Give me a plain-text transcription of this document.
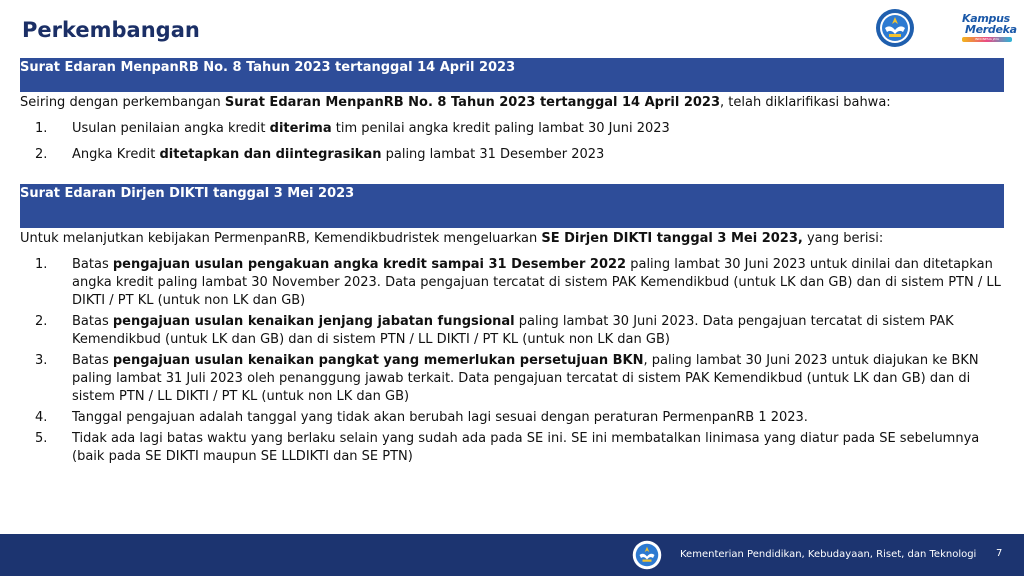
Perkembangan	Kampus
Merdeka
INDONESIA JAYA
Surat Edaran MenpanRB No. 8 Tahun 2023 tertanggal 14 April 2023
Seiring dengan perkembangan Surat Edaran MenpanRB No. 8 Tahun 2023 tertanggal 14 April 2023, telah diklarifikasi bahwa:
1. Usulan penilaian angka kredit diterima tim penilai angka kredit paling lambat 30 Juni 2023
2. Angka Kredit ditetapkan dan diintegrasikan paling lambat 31 Desember 2023
Surat Edaran Dirjen DIKTI tanggal 3 Mei 2023
Untuk melanjutkan kebijakan PermenpanRB, Kemendikbudristek mengeluarkan SE Dirjen DIKTI tanggal 3 Mei 2023, yang berisi:
1. Batas pengajuan usulan pengakuan angka kredit sampai 31 Desember 2022 paling lambat 30 Juni 2023 untuk dinilai dan ditetapkan angka kredit paling lambat 30 November 2023. Data pengajuan tercatat di sistem PAK Kemendikbud (untuk LK dan GB) dan di sistem PTN / LL DIKTI / PT KL (untuk non LK dan GB)
2. Batas pengajuan usulan kenaikan jenjang jabatan fungsional paling lambat 30 Juni 2023. Data pengajuan tercatat di sistem PAK Kemendikbud (untuk LK dan GB) dan di sistem PTN / LL DIKTI / PT KL (untuk non LK dan GB)
3. Batas pengajuan usulan kenaikan pangkat yang memerlukan persetujuan BKN, paling lambat 30 Juni 2023 untuk diajukan ke BKN paling lambat 31 Juli 2023 oleh penanggung jawab terkait. Data pengajuan tercatat di sistem PAK Kemendikbud (untuk LK dan GB) dan di sistem PTN / LL DIKTI / PT KL (untuk non LK dan GB)
4. Tanggal pengajuan adalah tanggal yang tidak akan berubah lagi sesuai dengan peraturan PermenpanRB 1 2023.
5. Tidak ada lagi batas waktu yang berlaku selain yang sudah ada pada SE ini. SE ini membatalkan linimasa yang diatur pada SE sebelumnya (baik pada SE DIKTI maupun SE LLDIKTI dan SE PTN)
Kementerian Pendidikan, Kebudayaan, Riset, dan Teknologi 7
